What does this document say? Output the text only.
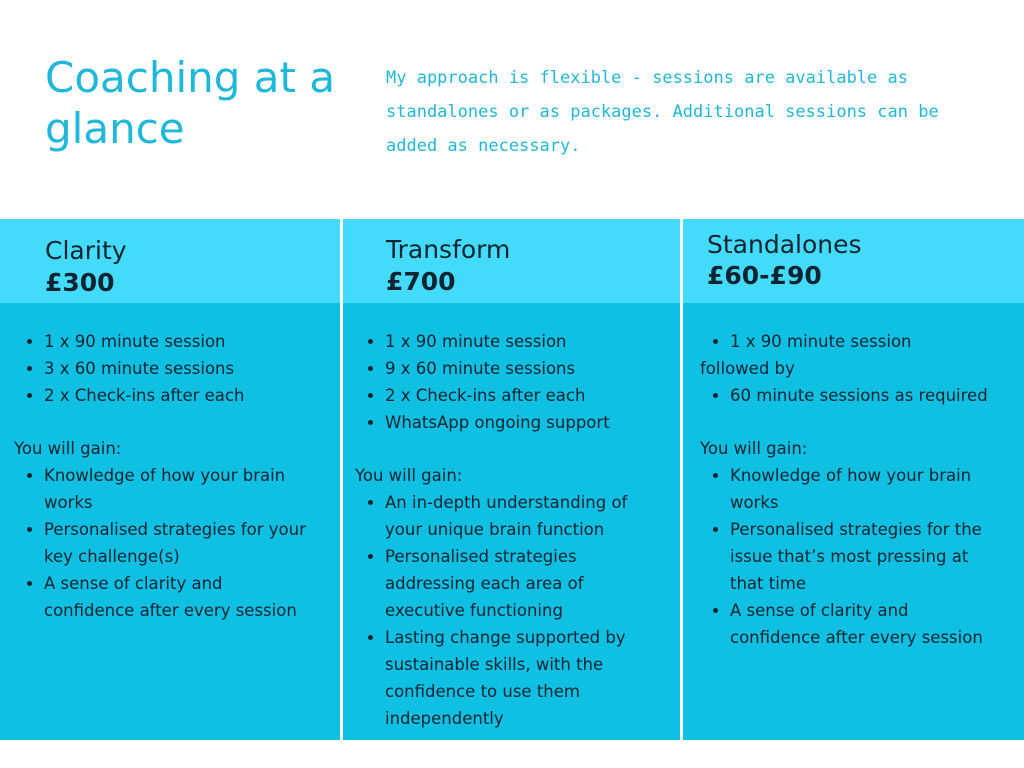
Coaching at a glance

My approach is flexible - sessions are available as standalones or as packages. Additional sessions can be added as necessary.

Clarity

£300

• 1 x 90 minute session
• 3 x 60 minute sessions
• 2 x Check-ins after each

You will gain:

• Knowledge of how your brain works
• Personalised strategies for your key challenge(s)
• A sense of clarity and confidence after every session

Transform

£700

• 1 x 90 minute session
• 9 x 60 minute sessions
• 2 x Check-ins after each
• WhatsApp ongoing support

You will gain:

• An in-depth understanding of your unique brain function
• Personalised strategies addressing each area of executive functioning
• Lasting change supported by sustainable skills, with the confidence to use them independently

Standalones

£60-£90

• 1 x 90 minute session

followed by

• 60 minute sessions as required

You will gain:

• Knowledge of how your brain works
• Personalised strategies for the issue that’s most pressing at that time
• A sense of clarity and confidence after every session
